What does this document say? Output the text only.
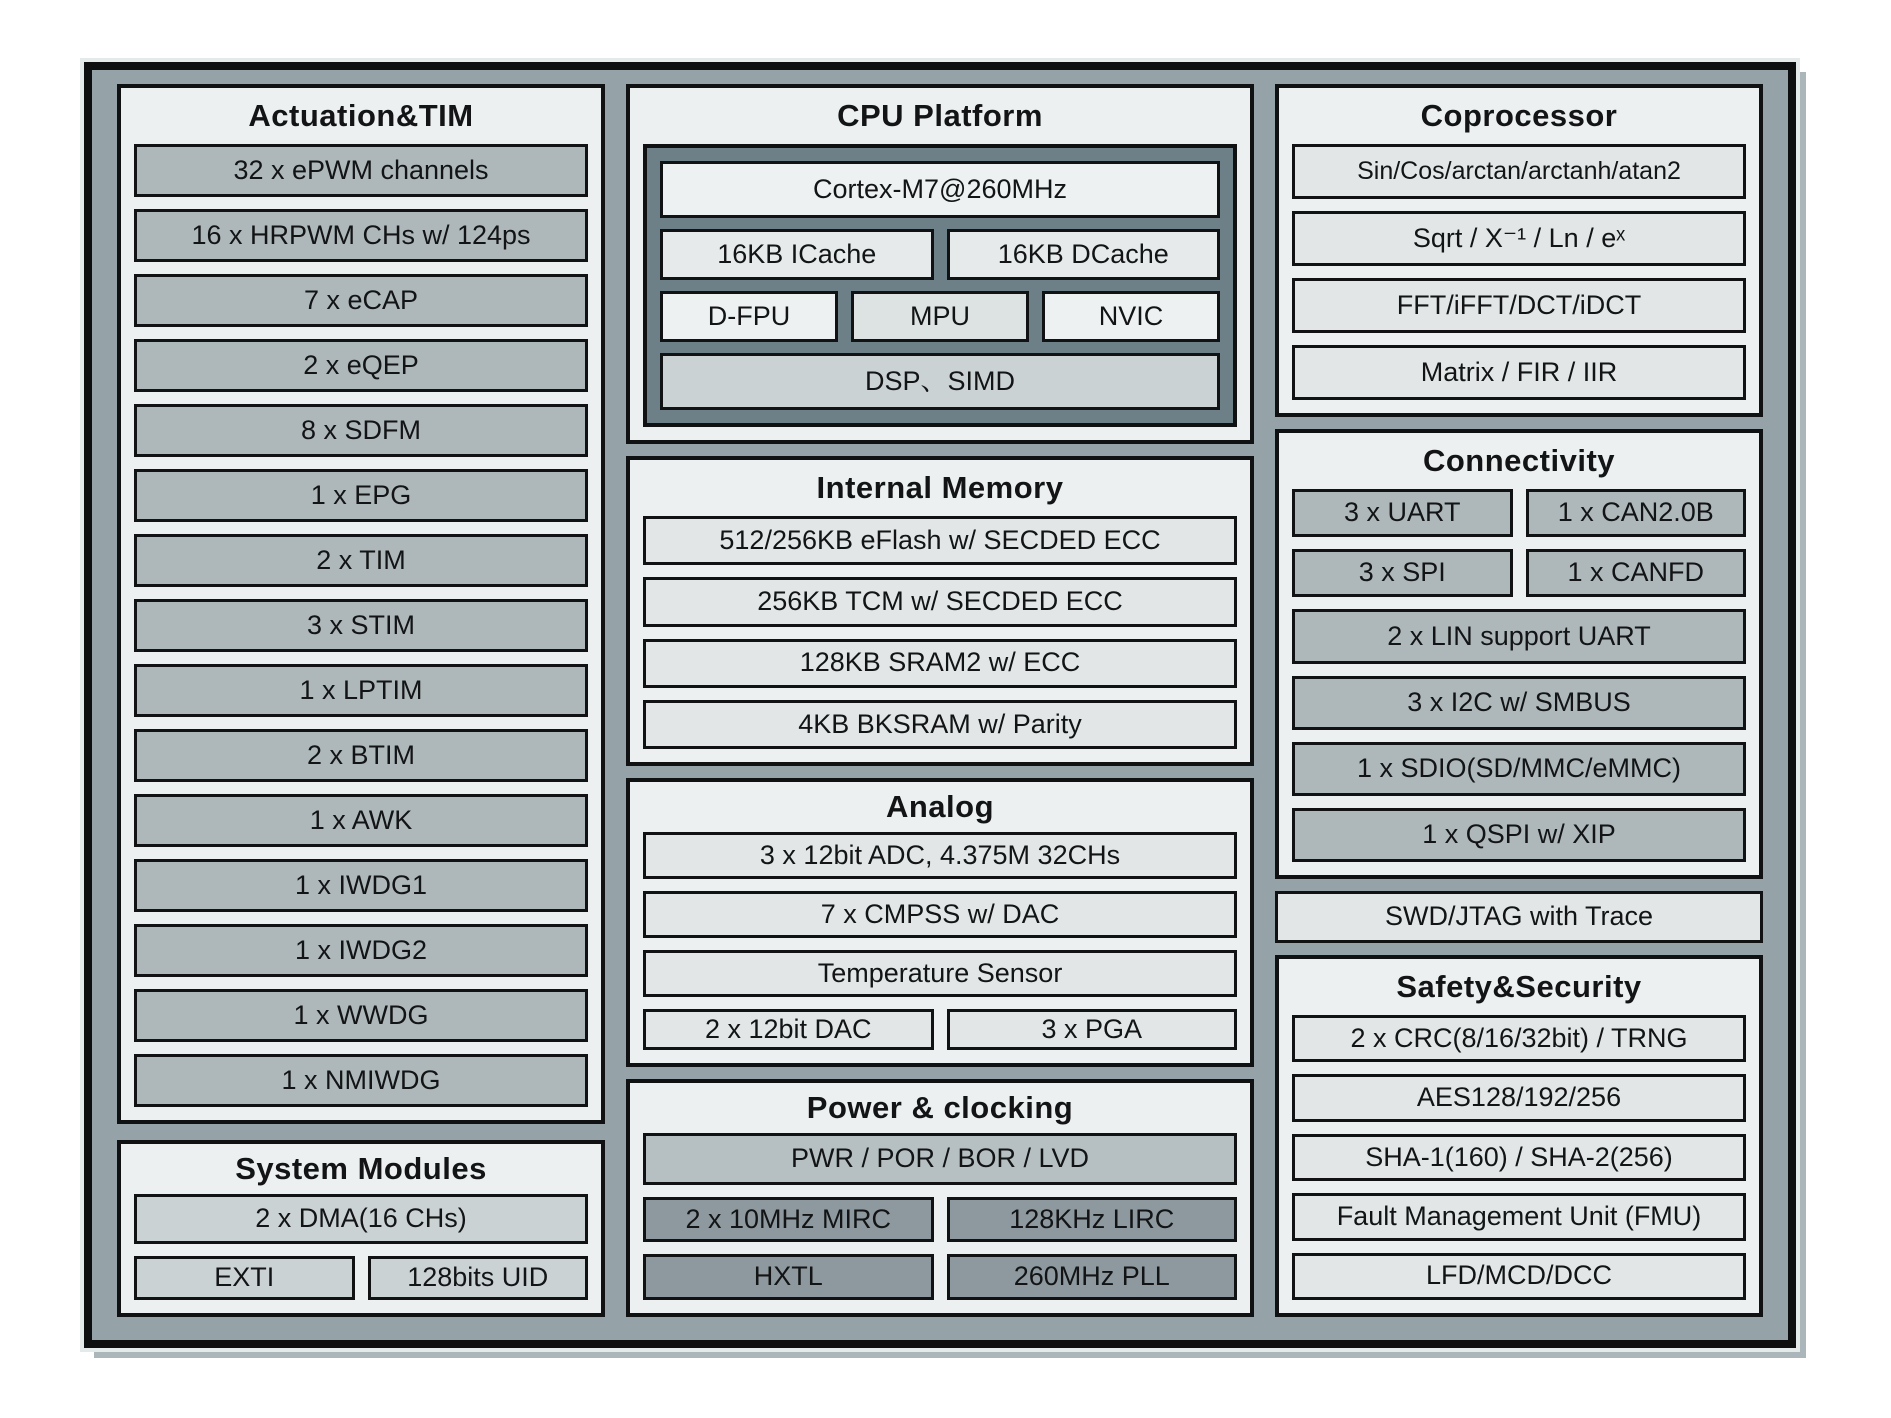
Actuation&TIM
32 x ePWM channels
16 x HRPWM CHs w/ 124ps
7 x eCAP
2 x eQEP
8 x SDFM
1 x EPG
2 x TIM
3 x STIM
1 x LPTIM
2 x BTIM
1 x AWK
1 x IWDG1
1 x IWDG2
1 x WWDG
1 x NMIWDG
System Modules
2 x DMA(16 CHs)
EXTI	128bits UID
CPU Platform
Cortex-M7@260MHz
16KB ICache	16KB DCache
D-FPU	MPU	NVIC
DSP、SIMD
Internal Memory
512/256KB eFlash w/ SECDED ECC
256KB TCM w/ SECDED ECC
128KB SRAM2 w/ ECC
4KB BKSRAM w/ Parity
Analog
3 x 12bit ADC, 4.375M 32CHs
7 x CMPSS w/ DAC
Temperature Sensor
2 x 12bit DAC	3 x PGA
Power & clocking
PWR / POR / BOR / LVD
2 x 10MHz MIRC	128KHz LIRC
HXTL	260MHz PLL
Coprocessor
Sin/Cos/arctan/arctanh/atan2
Sqrt / X⁻¹ / Ln / eˣ
FFT/iFFT/DCT/iDCT
Matrix / FIR / IIR
Connectivity
3 x UART	1 x CAN2.0B
3 x SPI	1 x CANFD
2 x LIN support UART
3 x I2C w/ SMBUS
1 x SDIO(SD/MMC/eMMC)
1 x QSPI w/ XIP
SWD/JTAG with Trace
Safety&Security
2 x CRC(8/16/32bit) / TRNG
AES128/192/256
SHA-1(160) / SHA-2(256)
Fault Management Unit (FMU)
LFD/MCD/DCC
